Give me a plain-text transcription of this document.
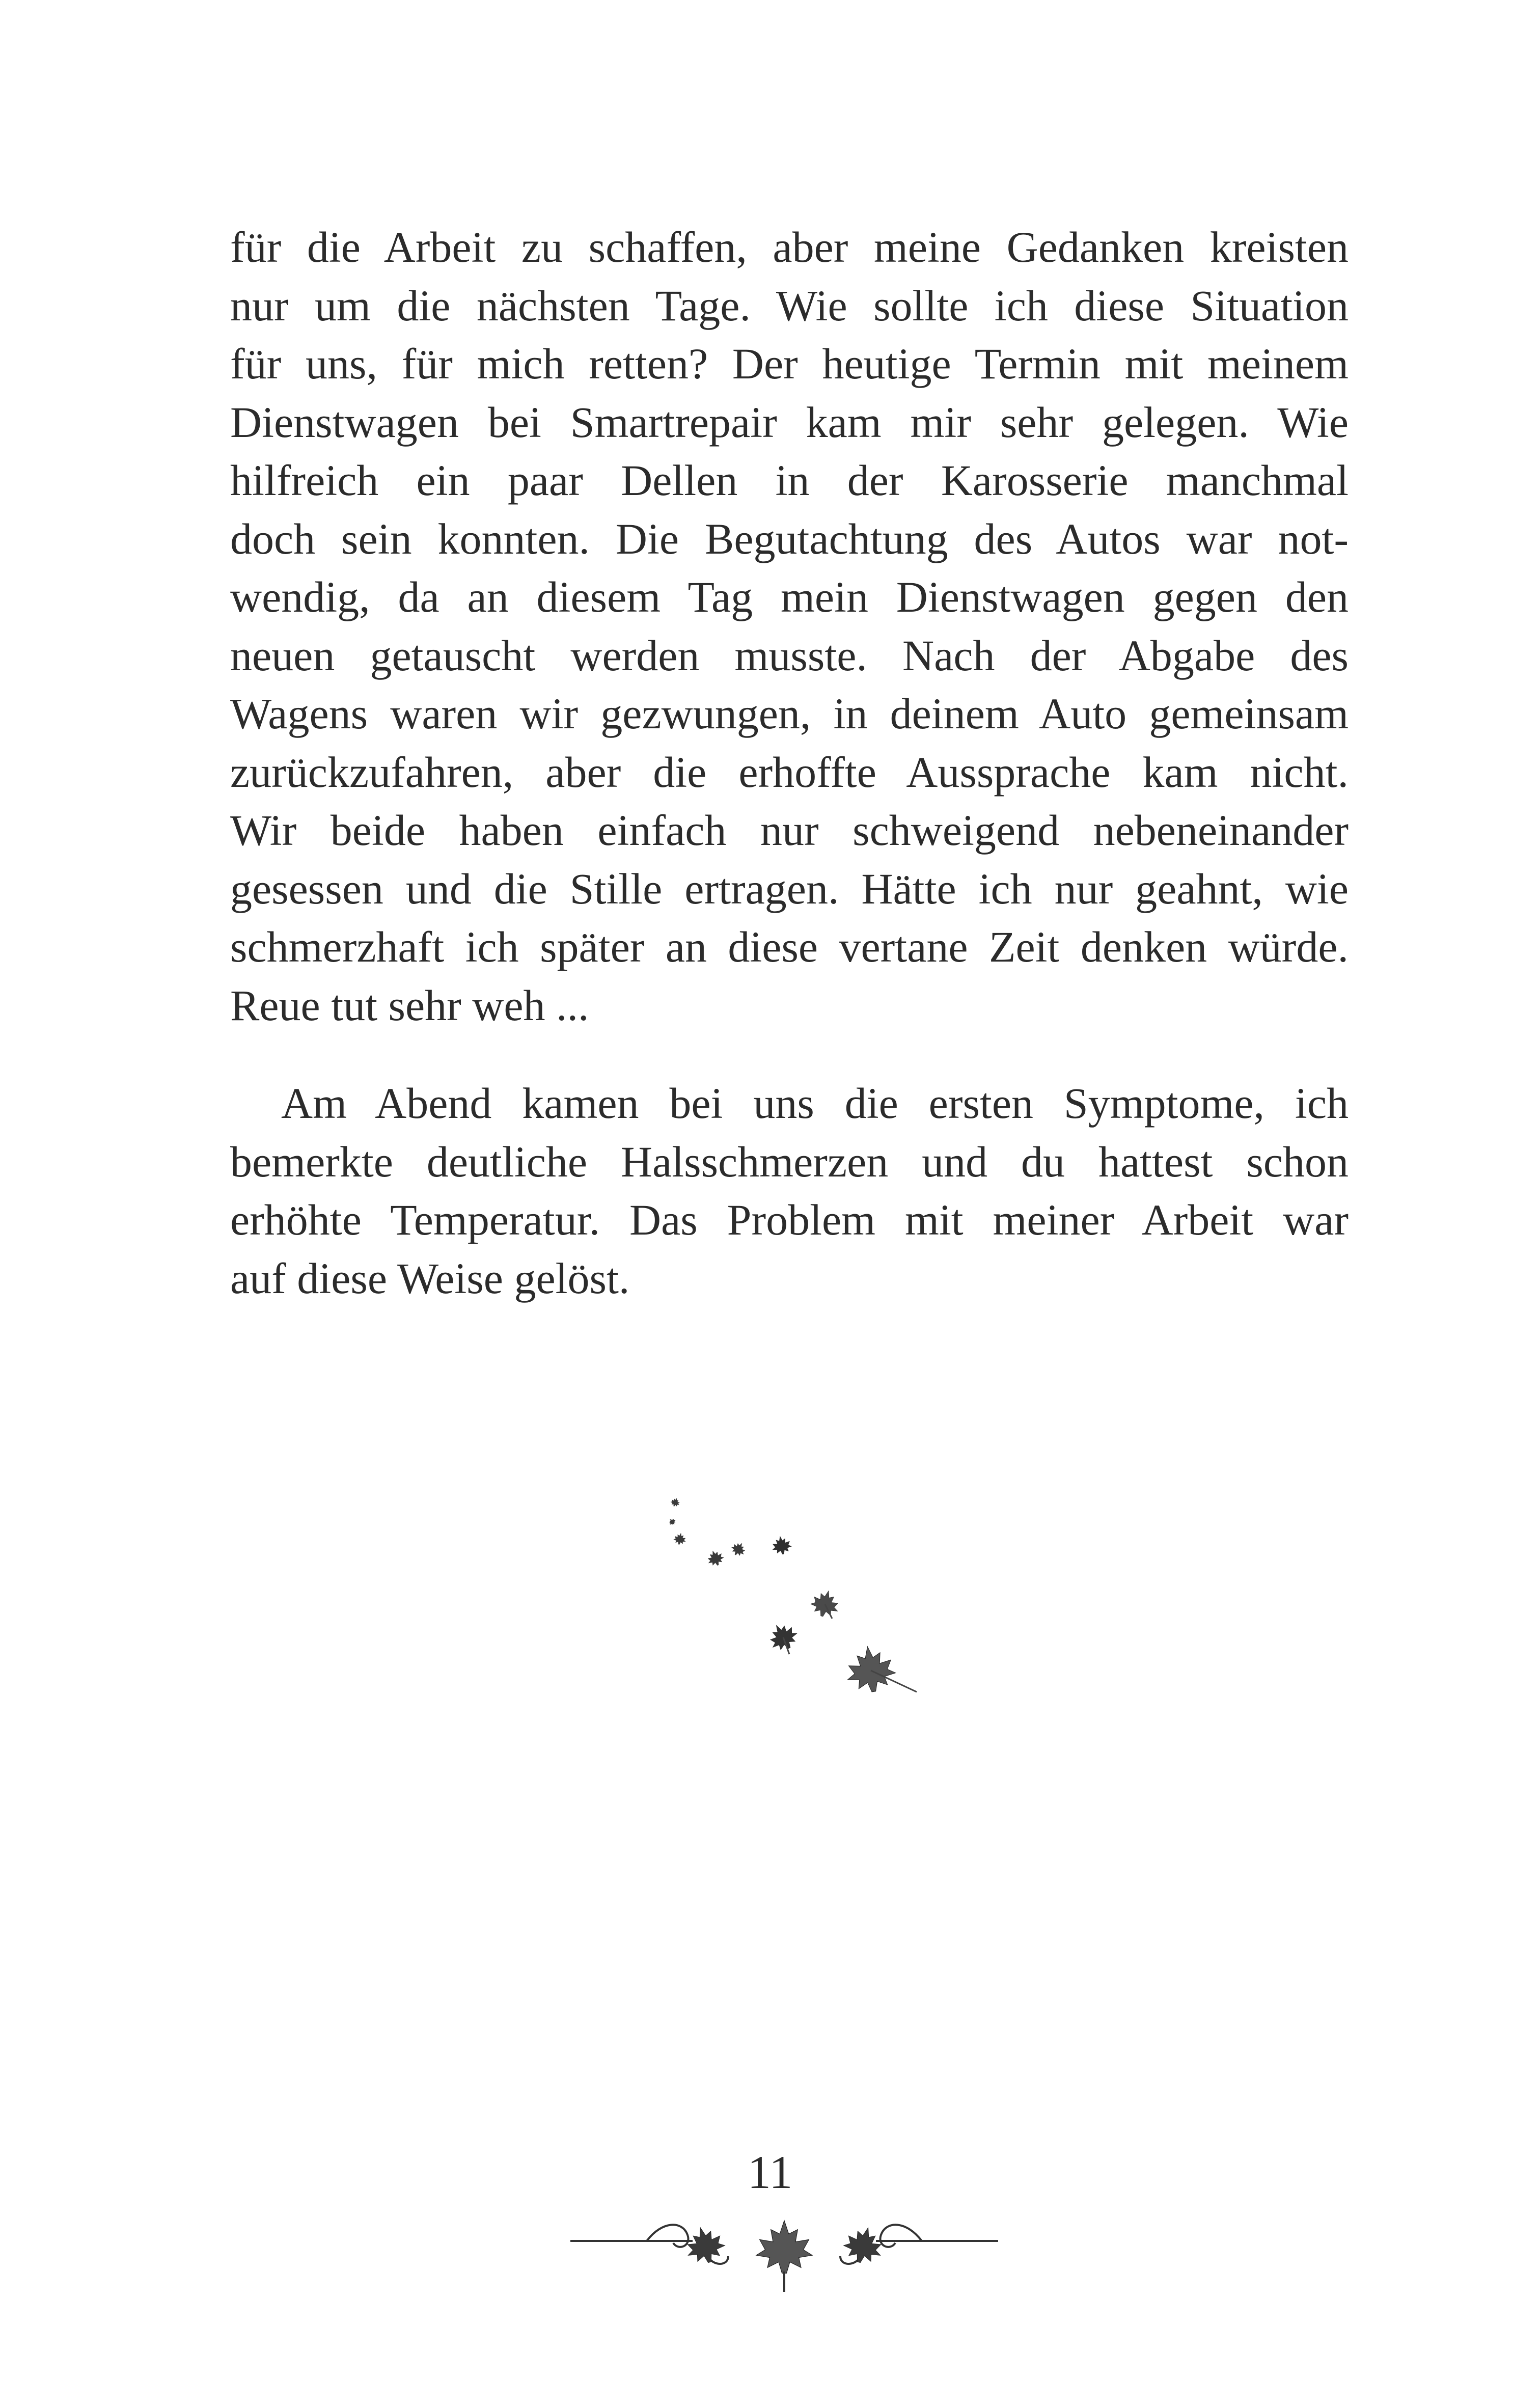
für die Arbeit zu schaffen, aber meine Gedanken kreisten
nur um die nächsten Tage. Wie sollte ich diese Situation
für uns, für mich retten? Der heutige Termin mit meinem
Dienstwagen bei Smartrepair kam mir sehr gelegen. Wie
hilfreich ein paar Dellen in der Karosserie manchmal
doch sein konnten. Die Begutachtung des Autos war not-
wendig, da an diesem Tag mein Dienstwagen gegen den
neuen getauscht werden musste. Nach der Abgabe des
Wagens waren wir gezwungen, in deinem Auto gemeinsam
zurückzufahren, aber die erhoffte Aussprache kam nicht.
Wir beide haben einfach nur schweigend nebeneinander
gesessen und die Stille ertragen. Hätte ich nur geahnt, wie
schmerzhaft ich später an diese vertane Zeit denken würde.
Reue tut sehr weh ...
Am Abend kamen bei uns die ersten Symptome, ich
bemerkte deutliche Halsschmerzen und du hattest schon
erhöhte Temperatur. Das Problem mit meiner Arbeit war
auf diese Weise gelöst.
11
